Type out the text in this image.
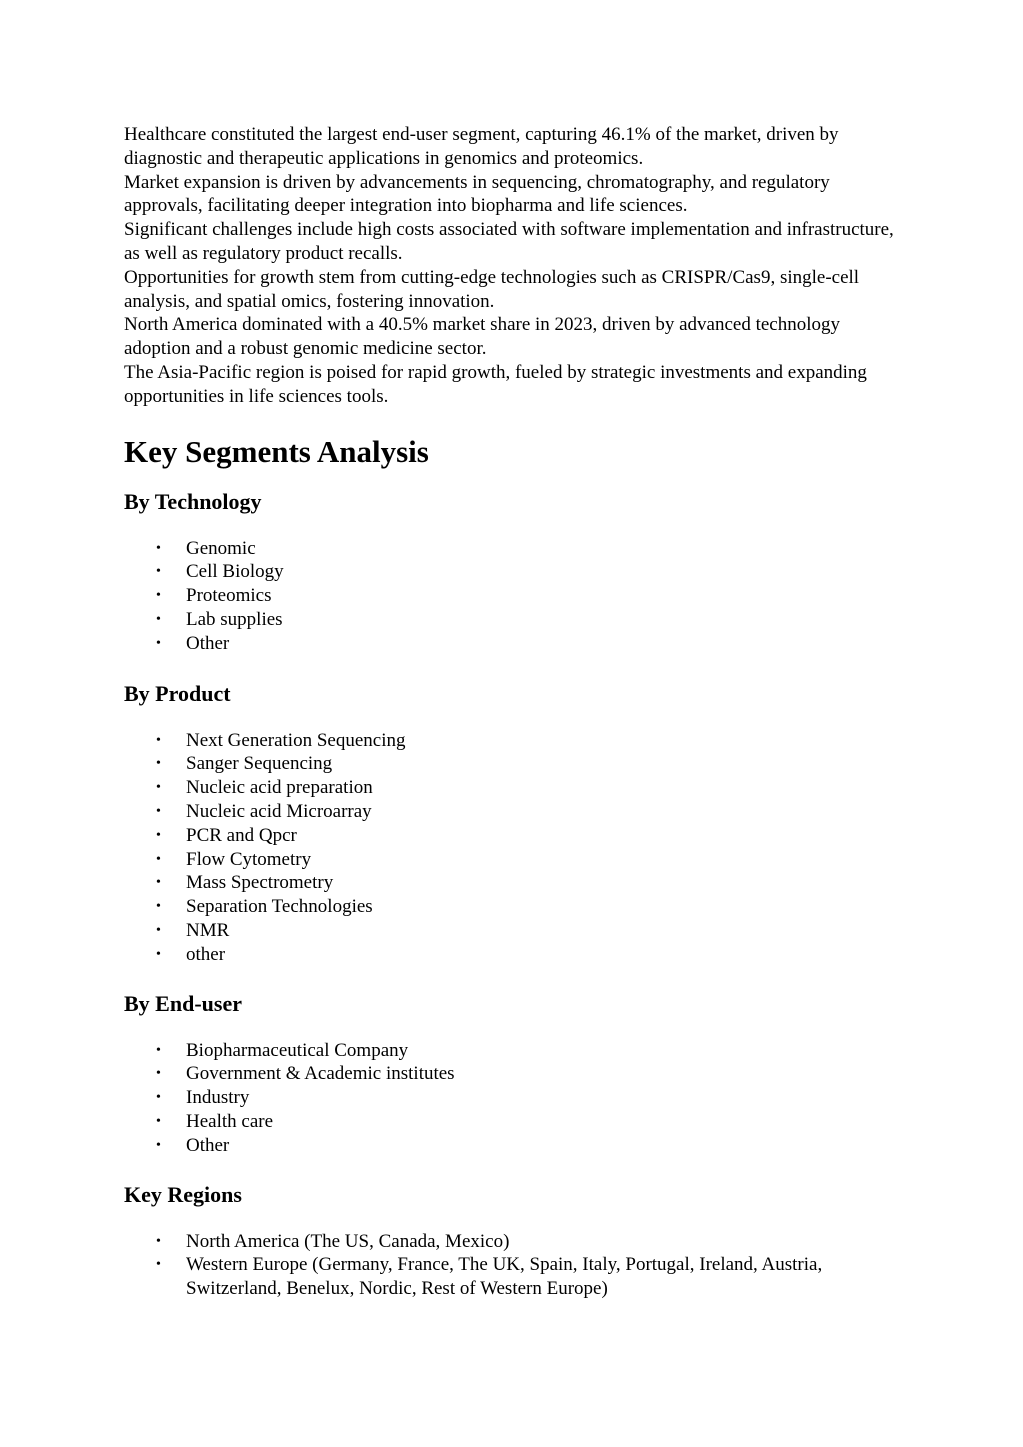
Healthcare constituted the largest end-user segment, capturing 46.1% of the market, driven by diagnostic and therapeutic applications in genomics and proteomics.

Market expansion is driven by advancements in sequencing, chromatography, and regulatory approvals, facilitating deeper integration into biopharma and life sciences.

Significant challenges include high costs associated with software implementation and infrastructure, as well as regulatory product recalls.

Opportunities for growth stem from cutting-edge technologies such as CRISPR/Cas9, single-cell analysis, and spatial omics, fostering innovation.

North America dominated with a 40.5% market share in 2023, driven by advanced technology adoption and a robust genomic medicine sector.

The Asia-Pacific region is poised for rapid growth, fueled by strategic investments and expanding opportunities in life sciences tools.

Key Segments Analysis
By Technology
• Genomic
• Cell Biology
• Proteomics
• Lab supplies
• Other
By Product
• Next Generation Sequencing
• Sanger Sequencing
• Nucleic acid preparation
• Nucleic acid Microarray
• PCR and Qpcr
• Flow Cytometry
• Mass Spectrometry
• Separation Technologies
• NMR
• other
By End-user
• Biopharmaceutical Company
• Government & Academic institutes
• Industry
• Health care
• Other
Key Regions
• North America (The US, Canada, Mexico)
• Western Europe (Germany, France, The UK, Spain, Italy, Portugal, Ireland, Austria, Switzerland, Benelux, Nordic, Rest of Western Europe)
